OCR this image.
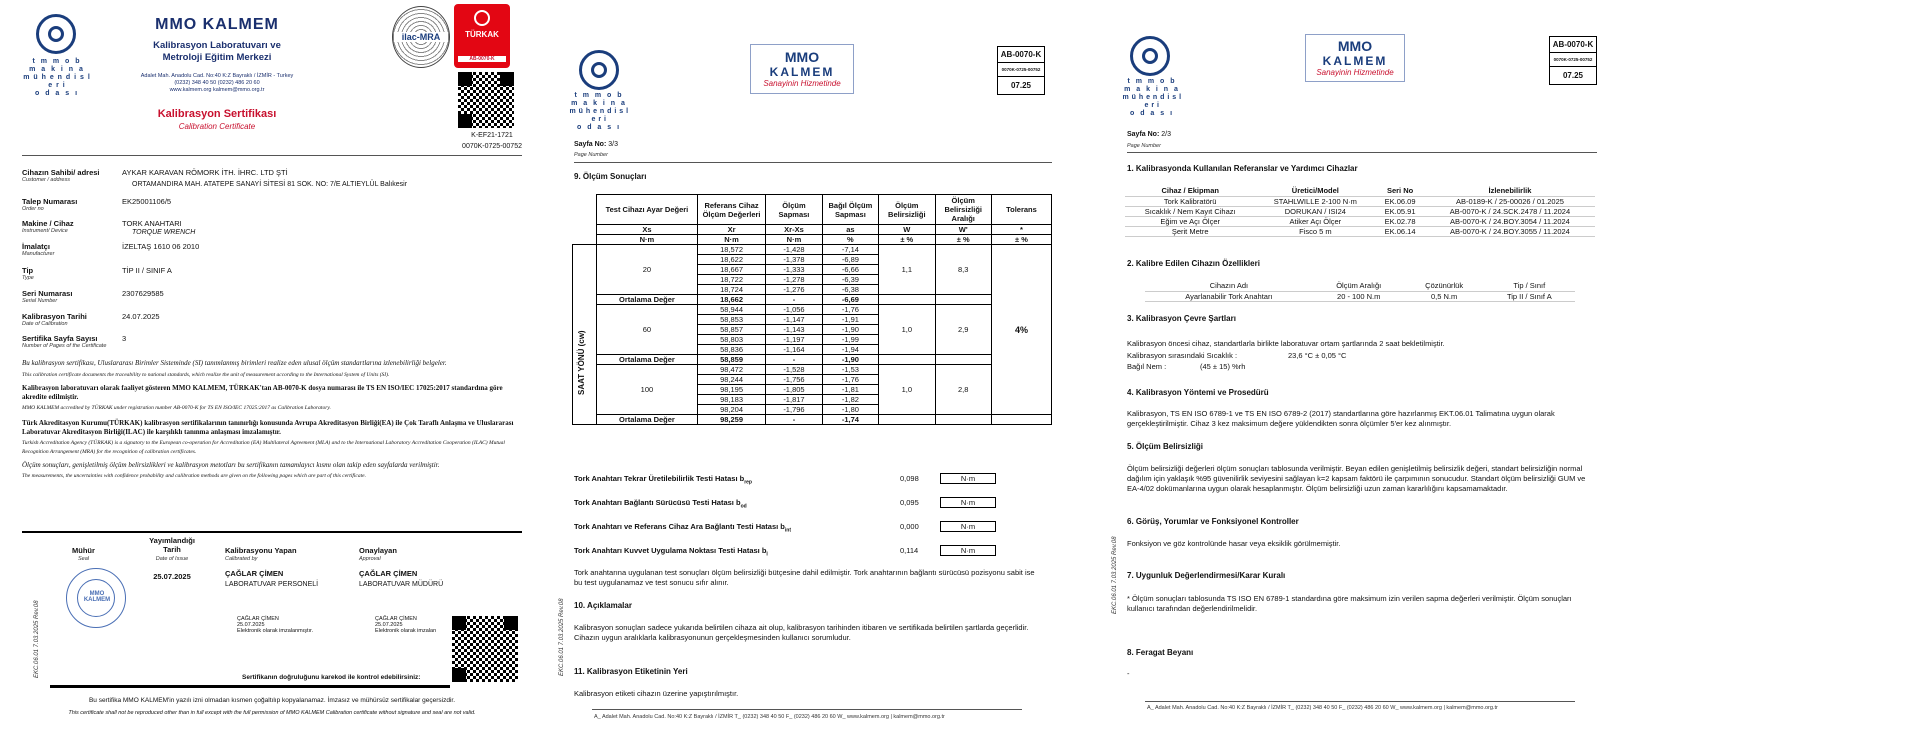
t m m o b
m a k i n a
m ü h e n d i s l e r i
o d a s ı
MMO KALMEM
Kalibrasyon Laboratuvarı ve
Metroloji Eğitim Merkezi
Adalet Mah. Anadolu Cad. No:40 K:Z Bayraklı / İZMİR - Turkey
(0232) 348 40 50 (0232) 486 20 60
www.kalmem.org kalmem@mmo.org.tr
ilac-MRA	TÜRKAK
AB-0070-K
K-EF21-1721
0070K-0725-00752
Kalibrasyon Sertifikası
Calibration Certificate
Cihazın Sahibi/ adresi
Customer / address
AYKAR KARAVAN RÖMORK İTH. İHRC. LTD ŞTİ
ORTAMANDIRA MAH. ATATEPE SANAYİ SİTESİ 81 SOK. NO: 7/E ALTIEYLÜL Balıkesir
Talep Numarası
Order no
EK25001106/5
Makine / Cihaz
Instrument/ Device
TORK ANAHTARI
TORQUE WRENCH
İmalatçı
Manufacturer
İZELTAŞ 1610 06 2010
Tip
Type
TİP II / SINIF A
Seri Numarası
Serial Number
2307629585
Kalibrasyon Tarihi
Date of Calibration
24.07.2025
Sertifika Sayfa Sayısı
Number of Pages of the Certificate
3
Bu kalibrasyon sertifikası, Uluslararası Birimler Sisteminde (SI) tanımlanmış birimleri realize eden ulusal ölçüm standartlarına izlenebilirliği belgeler.
This calibration certificate documents the traceability to national standards, which realize the unit of measurement according to the International System of Units (SI).
Kalibrasyon laboratuvarı olarak faaliyet gösteren MMO KALMEM, TÜRKAK'tan AB-0070-K dosya numarası ile TS EN ISO/IEC 17025:2017 standardına göre akredite edilmiştir.
MMO KALMEM accredited by TÜRKAK under registration number AB-0070-K for TS EN ISO/IEC 17025:2017 as Calibration Laboratory.
Türk Akreditasyon Kurumu(TÜRKAK) kalibrasyon sertifikalarının tanınırlığı konusunda Avrupa Akreditasyon Birliği(EA) ile Çok Taraflı Anlaşma ve Uluslararası Laboratuvar Akreditasyon Birliği(ILAC) ile karşılıklı tanınma anlaşması imzalamıştır.
Turkish Accreditation Agency (TÜRKAK) is a signatory to the European co-operation for Accreditation (EA) Multilateral Agreement (MLA) and to the International Laboratory Accreditation Cooperation (ILAC) Mutual Recognition Arrangement (MRA) for the recognition of calibration certificates.
Ölçüm sonuçları, genişletilmiş ölçüm belirsizlikleri ve kalibrasyon metotları bu sertifikanın tamamlayıcı kısmı olan takip eden sayfalarda verilmiştir.
The measurements, the uncertainties with confidence probability and calibration methods are given on the following pages which are part of this certificate.
Mühür
Seal
Yayımlandığı Tarih
Date of Issue
25.07.2025
Kalibrasyonu Yapan
Calibrated by
ÇAĞLAR ÇİMEN
LABORATUVAR PERSONELİ
Onaylayan
Approval
ÇAĞLAR ÇİMEN
LABORATUVAR MÜDÜRÜ
MMO KALMEM
ÇAĞLAR ÇİMEN
25.07.2025
Elektronik olarak imzalanmıştır.
ÇAĞLAR ÇİMEN
25.07.2025
Elektronik olarak imzalan
Sertifikanın doğruluğunu karekod ile kontrol edebilirsiniz:
Bu sertifika MMO KALMEM'in yazılı izni olmadan kısmen çoğaltılıp kopyalanamaz. İmzasız ve mühürsüz sertifikalar geçersizdir.
This certificate shall not be reproduced other than in full except with the full permission of MMO KALMEM Calibration certificate without signature and seal are not valid.
EKC.06.01 7.03.2025 Rev.08
t m m o b
m a k i n a
m ü h e n d i s l e r i
o d a s ı
MMO
KALMEM
Sanayinin Hizmetinde
AB-0070-K
0070K-0725-00752
07.25
Sayfa No: 3/3
Page Number
9. Ölçüm Sonuçları
	Test Cihazı Ayar Değeri	Referans Cihaz Ölçüm Değerleri	Ölçüm Sapması	Bağıl Ölçüm Sapması	Ölçüm Belirsizliği	Ölçüm Belirsizliği Aralığı	Tolerans
	Xs	Xr	Xr-Xs	as	W	W'	*
	N·m	N·m	N·m	%	± %	± %	± %

SAAT YÖNÜ (cw)	20	18,572	-1,428	-7,14	1,1	8,3	4%
		18,622	-1,378	-6,89			
		18,667	-1,333	-6,66			
		18,722	-1,278	-6,39			
		18,724	-1,276	-6,38			
	Ortalama Değer	18,662	-	-6,69			
	60	58,944	-1,056	-1,76	1,0	2,9	
		58,853	-1,147	-1,91			
		58,857	-1,143	-1,90			
		58,803	-1,197	-1,99			
		58,836	-1,164	-1,94			
	Ortalama Değer	58,859	-	-1,90			
	100	98,472	-1,528	-1,53	1,0	2,8	
		98,244	-1,756	-1,76			
		98,195	-1,805	-1,81			
		98,183	-1,817	-1,82			
		98,204	-1,796	-1,80			
	Ortalama Değer	98,259	-	-1,74			
Tork Anahtarı Tekrar Üretilebilirlik Testi Hatası $b_{rep}$	0,098	N·m
Tork Anahtarı Bağlantı Sürücüsü Testi Hatası $b_{od}$	0,095	N·m
Tork Anahtarı ve Referans Cihaz Ara Bağlantı Testi Hatası $b_{int}$	0,000	N·m
Tork Anahtarı Kuvvet Uygulama Noktası Testi Hatası $b_l$	0,114	N·m
Tork anahtarına uygulanan test sonuçları ölçüm belirsizliği bütçesine dahil edilmiştir. Tork anahtarının bağlantı sürücüsü pozisyonu sabit ise bu test uygulanamaz ve test sonucu sıfır alınır.
10. Açıklamalar
Kalibrasyon sonuçları sadece yukarıda belirtilen cihaza ait olup, kalibrasyon tarihinden itibaren ve sertifikada belirtilen şartlarda geçerlidir. Cihazın uygun aralıklarla kalibrasyonunun gerçekleşmesinden kullanıcı sorumludur.
11. Kalibrasyon Etiketinin Yeri
Kalibrasyon etiketi cihazın üzerine yapıştırılmıştır.
A_ Adalet Mah. Anadolu Cad. No:40 K:Z Bayraklı / İZMİR T_ (0232) 348 40 50 F_ (0232) 486 20 60 W_ www.kalmem.org | kalmem@mmo.org.tr
EKC.06.01 7.03.2025 Rev.08
t m m o b
m a k i n a
m ü h e n d i s l e r i
o d a s ı
MMO
KALMEM
Sanayinin Hizmetinde
AB-0070-K
0070K-0725-00752
07.25
Sayfa No: 2/3
Page Number
1. Kalibrasyonda Kullanılan Referanslar ve Yardımcı Cihazlar
Cihaz / Ekipman	Üretici/Model	Seri No	İzlenebilirlik
Tork Kalibratörü	STAHLWILLE 2-100 N·m	EK.06.09	AB-0189-K / 25-00026 / 01.2025
Sıcaklık / Nem Kayıt Cihazı	DORUKAN / ISI24	EK.05.91	AB-0070-K / 24.SCK.2478 / 11.2024
Eğim ve Açı Ölçer	Atiker Açı Ölçer	EK.02.78	AB-0070-K / 24.BOY.3054 / 11.2024
Şerit Metre	Fisco 5 m	EK.06.14	AB-0070-K / 24.BOY.3055 / 11.2024
2. Kalibre Edilen Cihazın Özellikleri
Cihazın Adı	Ölçüm Aralığı	Çözünürlük	Tip / Sınıf
Ayarlanabilir Tork Anahtarı	20 - 100 N.m	0,5 N.m	Tip II / Sınıf A
3. Kalibrasyon Çevre Şartları
Kalibrasyon öncesi cihaz, standartlarla birlikte laboratuvar ortam şartlarında 2 saat bekletilmiştir.
Kalibrasyon sırasındaki Sıcaklık :	23,6 °C ± 0,05 °C
Bağıl Nem :	(45 ± 15) %rh
4. Kalibrasyon Yöntemi ve Prosedürü
Kalibrasyon, TS EN ISO 6789-1 ve TS EN ISO 6789-2 (2017) standartlarına göre hazırlanmış EKT.06.01 Talimatına uygun olarak gerçekleştirilmiştir. Cihaz 3 kez maksimum değere yüklendikten sonra ölçümler 5'er kez alınmıştır.
5. Ölçüm Belirsizliği
Ölçüm belirsizliği değerleri ölçüm sonuçları tablosunda verilmiştir. Beyan edilen genişletilmiş belirsizlik değeri, standart belirsizliğin normal dağılım için yaklaşık %95 güvenilirlik seviyesini sağlayan k=2 kapsam faktörü ile çarpımının sonucudur. Standart ölçüm belirsizliği GUM ve EA-4/02 dokümanlarına uygun olarak hesaplanmıştır. Ölçüm belirsizliği uzun zaman kararlılığını kapsamamaktadır.
6. Görüş, Yorumlar ve Fonksiyonel Kontroller
Fonksiyon ve göz kontrolünde hasar veya eksiklik görülmemiştir.
7. Uygunluk Değerlendirmesi/Karar Kuralı
* Ölçüm sonuçları tablosunda TS ISO EN 6789-1 standardına göre maksimum izin verilen sapma değerleri verilmiştir. Ölçüm sonuçları kullanıcı tarafından değerlendirilmelidir.
8. Feragat Beyanı
-
A_ Adalet Mah. Anadolu Cad. No:40 K:Z Bayraklı / İZMİR T_ (0232) 348 40 50 F_ (0232) 486 20 60 W_ www.kalmem.org | kalmem@mmo.org.tr
EKC.06.01 7.03.2025 Rev.08
